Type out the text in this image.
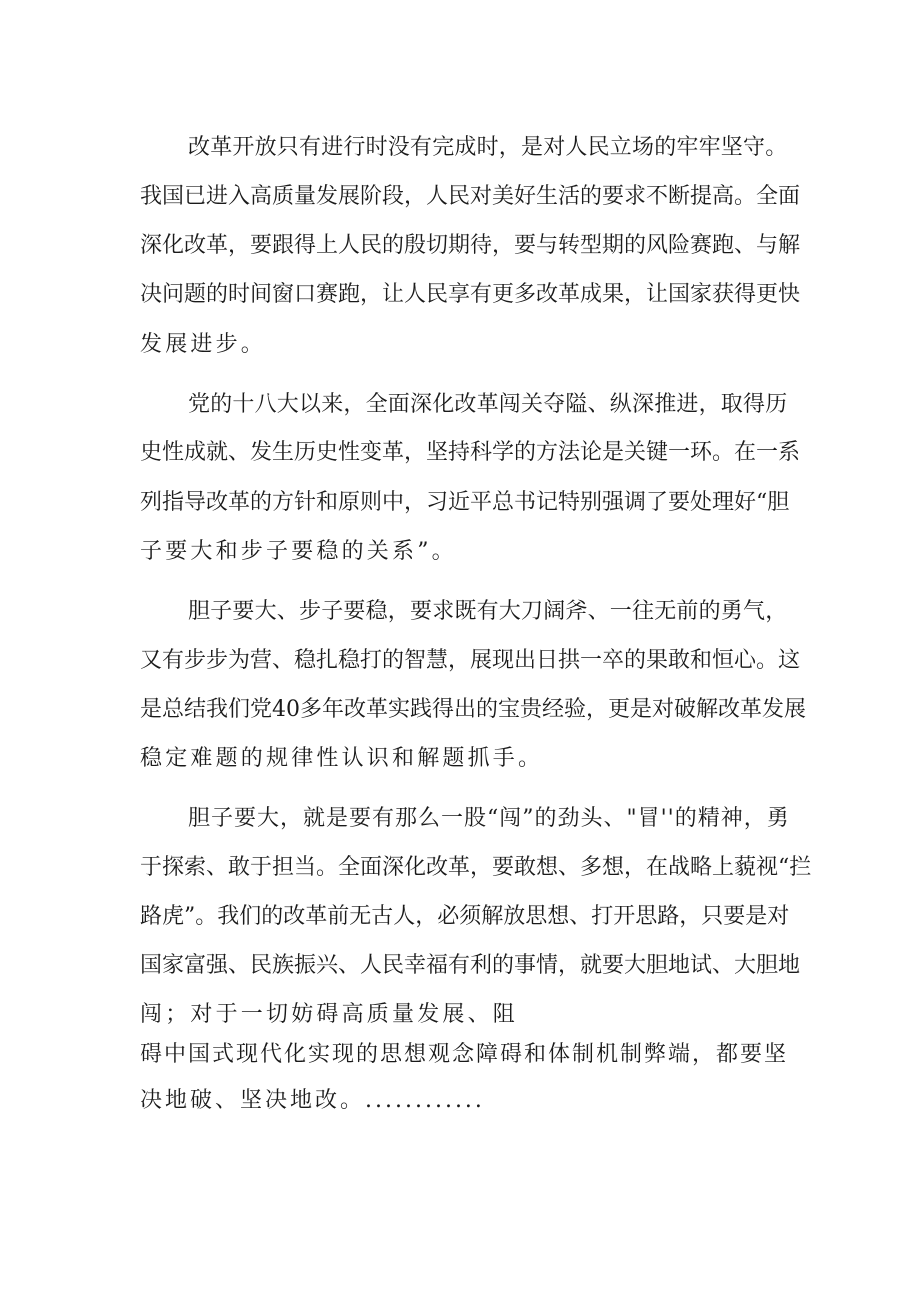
改革开放只有进行时没有完成时，是对人民立场的牢牢坚守。
我国已进入高质量发展阶段，人民对美好生活的要求不断提高。全面
深化改革，要跟得上人民的殷切期待，要与转型期的风险赛跑、与解
决问题的时间窗口赛跑，让人民享有更多改革成果，让国家获得更快
发展进步。
党的十八大以来，全面深化改革闯关夺隘、纵深推进，取得历
史性成就、发生历史性变革，坚持科学的方法论是关键一环。在一系
列指导改革的方针和原则中，习近平总书记特别强调了要处理好“胆
子要大和步子要稳的关系”。
胆子要大、步子要稳，要求既有大刀阔斧、一往无前的勇气，
又有步步为营、稳扎稳打的智慧，展现出日拱一卒的果敢和恒心。这
是总结我们党40多年改革实践得出的宝贵经验，更是对破解改革发展
稳定难题的规律性认识和解题抓手。
胆子要大，就是要有那么一股“闯”的劲头、"冒''的精神，勇
于探索、敢于担当。全面深化改革，要敢想、多想，在战略上藐视“拦
路虎”。我们的改革前无古人，必须解放思想、打开思路，只要是对
国家富强、民族振兴、人民幸福有利的事情，就要大胆地试、大胆地
闯；对于一切妨碍高质量发展、阻
碍中国式现代化实现的思想观念障碍和体制机制弊端，都要坚
决地破、坚决地改。............
